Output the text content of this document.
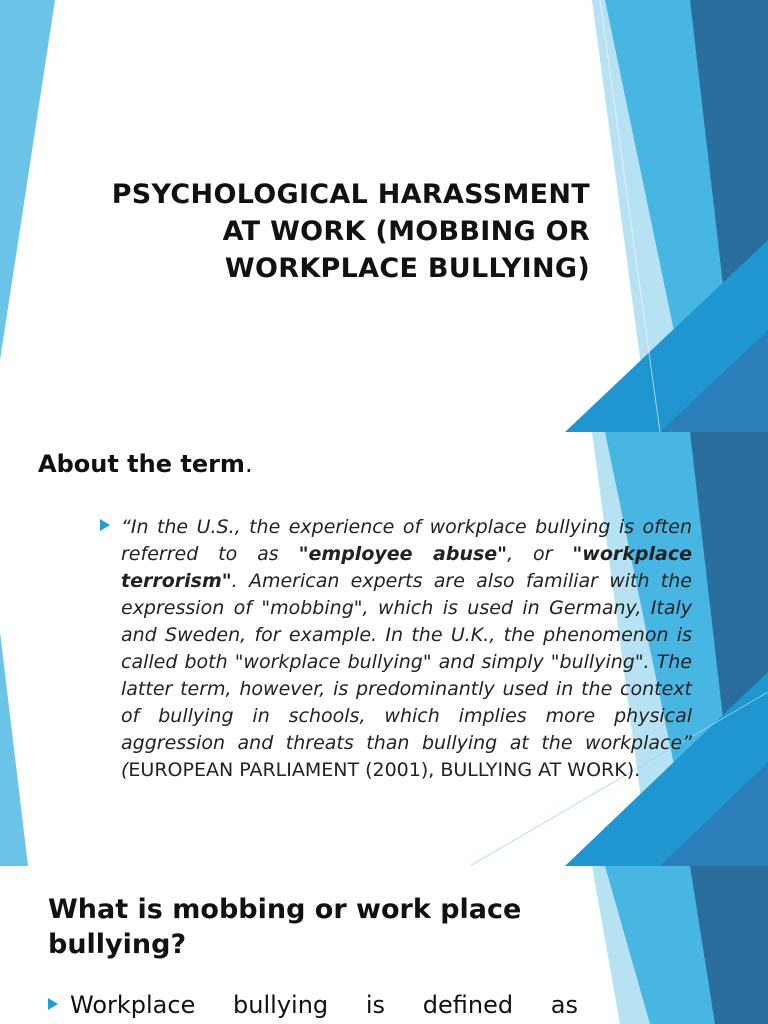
PSYCHOLOGICAL HARASSMENT
AT WORK (MOBBING OR
WORKPLACE BULLYING)
About the term.
“In the U.S., the experience of workplace bullying is often referred to as "employee abuse", or "workplace terrorism". American experts are also familiar with the expression of "mobbing", which is used in Germany, Italy and Sweden, for example. In the U.K., the phenomenon is called both "workplace bullying" and simply "bullying". The latter term, however, is predominantly used in the context of bullying in schools, which implies more physical aggression and threats than bullying at the workplace” (EUROPEAN PARLIAMENT (2001), BULLYING AT WORK).
What is mobbing or work place bullying?
Workplace bullying is defined as
